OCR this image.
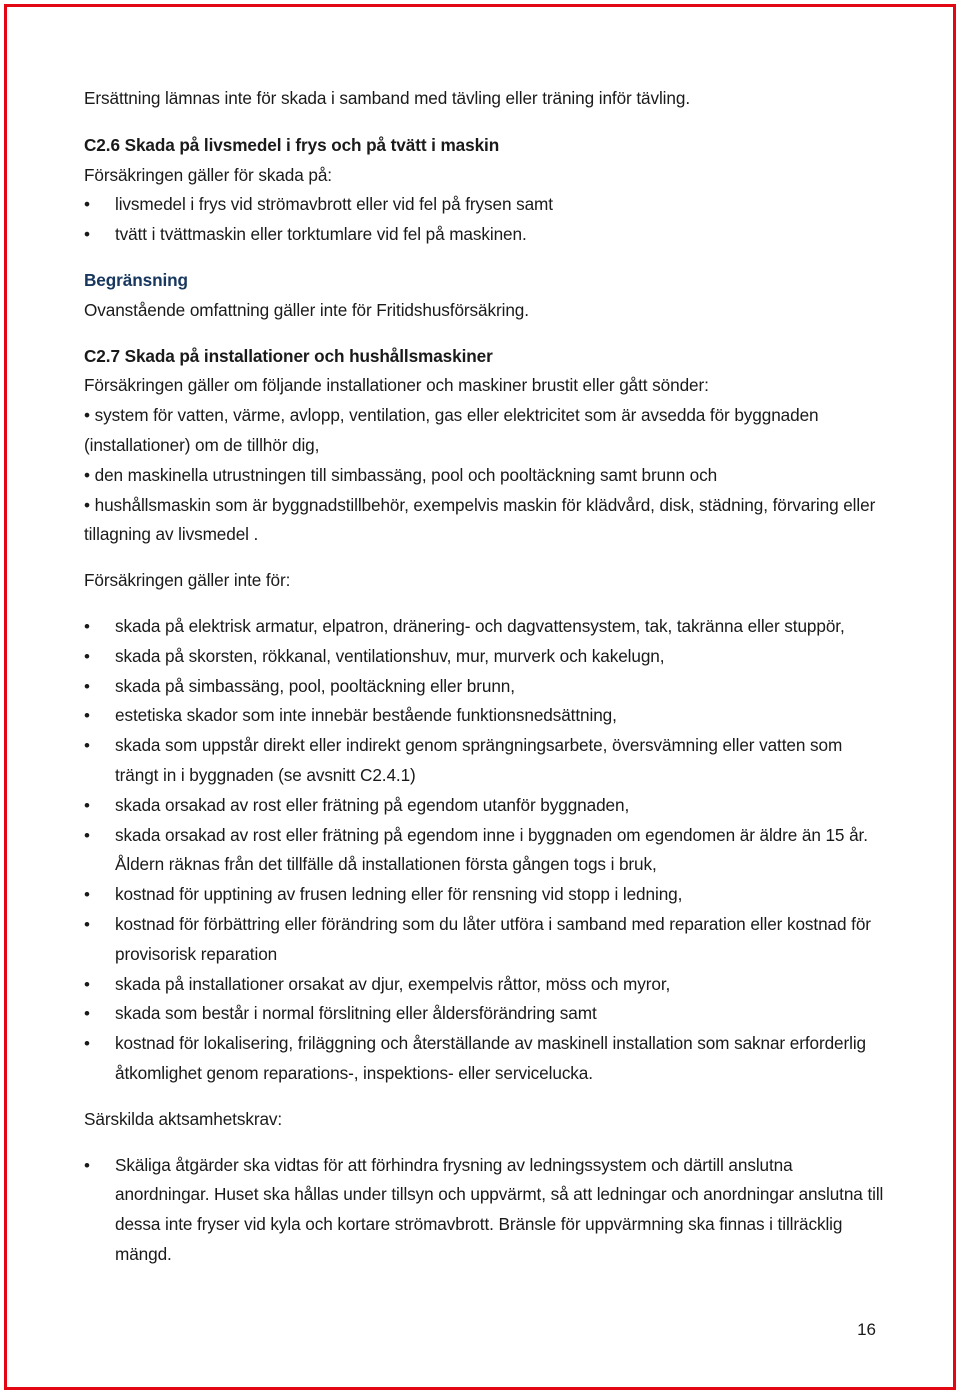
Ersättning lämnas inte för skada i samband med tävling eller träning inför tävling.

C2.6 Skada på livsmedel i frys och på tvätt i maskin

Försäkringen gäller för skada på:

•	livsmedel i frys vid strömavbrott eller vid fel på frysen samt

•	tvätt i tvättmaskin eller torktumlare vid fel på maskinen.

Begränsning

Ovanstående omfattning gäller inte för Fritidshusförsäkring.

C2.7 Skada på installationer och hushållsmaskiner

Försäkringen gäller om följande installationer och maskiner brustit eller gått sönder:

• system för vatten, värme, avlopp, ventilation, gas eller elektricitet som är avsedda för byggnaden (installationer) om de tillhör dig,

• den maskinella utrustningen till simbassäng, pool och pooltäckning samt brunn och

• hushållsmaskin som är byggnadstillbehör, exempelvis maskin för klädvård, disk, städning, förvaring eller tillagning av livsmedel .

Försäkringen gäller inte för:

• skada på elektrisk armatur, elpatron, dränering- och dagvattensystem, tak, takränna eller stupрör,
• skada på skorsten, rökkanal, ventilationshuv, mur, murverk och kakelugn,
• skada på simbassäng, pool, pooltäckning eller brunn,
• estetiska skador som inte innebär bestående funktionsnedsättning,
• skada som uppstår direkt eller indirekt genom sprängningsarbete, översvämning eller vatten som trängt in i byggnaden (se avsnitt C2.4.1)
• skada orsakad av rost eller frätning på egendom utanför byggnaden,
• skada orsakad av rost eller frätning på egendom inne i byggnaden om egendomen är äldre än 15 år. Åldern räknas från det tillfälle då installationen första gången togs i bruk,
• kostnad för upptining av frusen ledning eller för rensning vid stopp i ledning,
• kostnad för förbättring eller förändring som du låter utföra i samband med reparation eller kostnad för provisorisk reparation
• skada på installationer orsakat av djur, exempelvis råttor, möss och myror,
• skada som består i normal förslitning eller åldersförändring samt
• kostnad för lokalisering, friläggning och återställande av maskinell installation som saknar erforderlig åtkomlighet genom reparations-, inspektions- eller servicelucka.

Särskilda aktsamhetskrav:

• Skäliga åtgärder ska vidtas för att förhindra frysning av ledningssystem och därtill anslutna anordningar. Huset ska hållas under tillsyn och uppvärmt, så att ledningar och anordningar anslutna till dessa inte fryser vid kyla och kortare strömavbrott. Bränsle för uppvärmning ska finnas i tillräcklig mängd.
16
